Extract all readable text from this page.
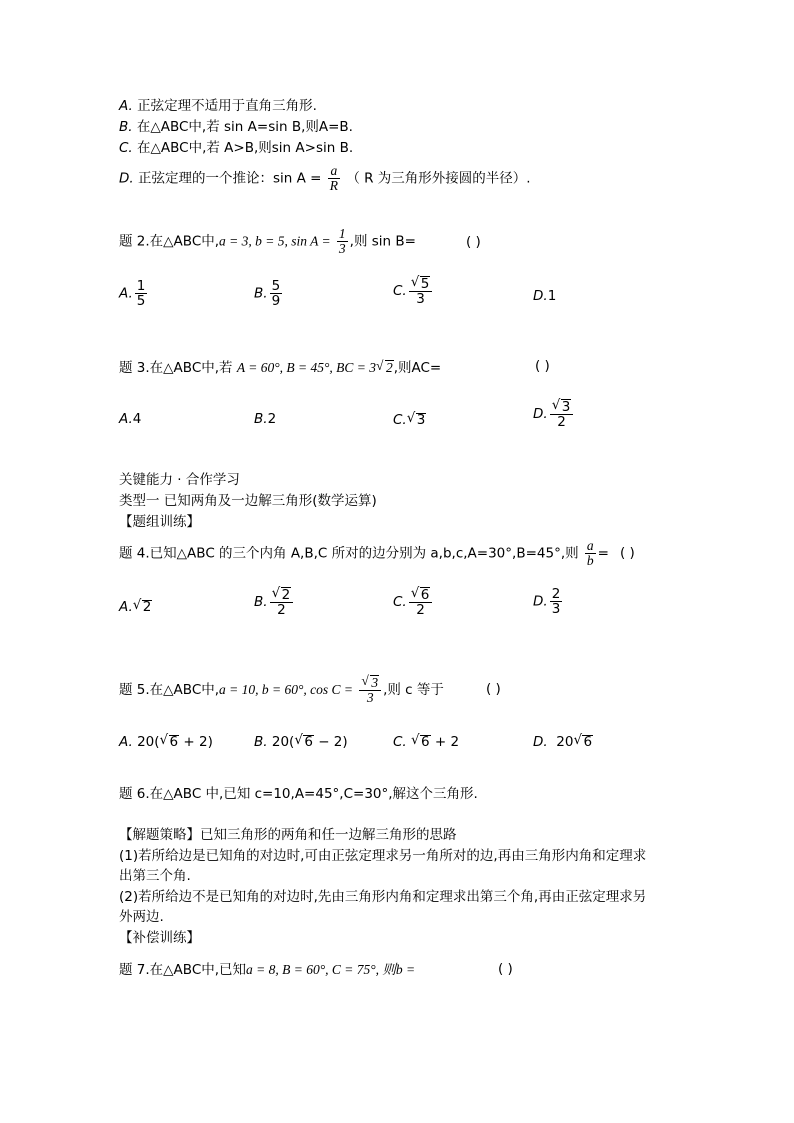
A. 正弦定理不适用于直角三角形.
B. 在△ABC中,若 sin A=sin B,则A=B.
C. 在△ABC中,若 A>B,则sin A>sin B.
D. 正弦定理的一个推论：$\sin A = \frac{a}{R}$ （ R 为三角形外接圆的半径）.
题 2.在△ABC中,a = 3, b = 5, $\sin A = \frac{1}{3}$ ,则 sin B=	( )
A. $\frac{1}{5}$	B. $\frac{5}{9}$	C. √ $\frac{5}{3}$	D.1
题 3.在△ABC中,若 A = 60°, B = 45°, BC = 3 √ 2,则AC=	( )
A.4	B.2	C. √ 3	D. √ $\frac{3}{2}$
关键能力 · 合作学习
类型一 已知两角及一边解三角形(数学运算)
【题组训练】
题 4.已知△ABC 的三个内角 A,B,C 所对的边分别为 a,b,c,A=30°,B=45°,则 $\frac{a}{b}$ = ( )
A. √ 2	B. √ $\frac{2}{2}$	C. √ $\frac{6}{2}$	D. $\frac{2}{3}$
题 5.在△ABC中,a = 10, b = 60°, cos C = √ $\frac{3}{3}$ ,则 c 等于	( )
A. 20( √ 6 + 2)	B. 20( √ 6 − 2)	C. √ 6 + 2	D. 20 √ 6
题 6.在△ABC 中,已知 c=10,A=45°,C=30°,解这个三角形.
【解题策略】已知三角形的两角和任一边解三角形的思路
(1)若所给边是已知角的对边时,可由正弦定理求另一角所对的边,再由三角形内角和定理求
出第三个角.
(2)若所给边不是已知角的对边时,先由三角形内角和定理求出第三个角,再由正弦定理求另
外两边.
【补偿训练】
题 7.在△ABC中,已知a = 8, B = 60°, C = 75°, 则b =	( )
